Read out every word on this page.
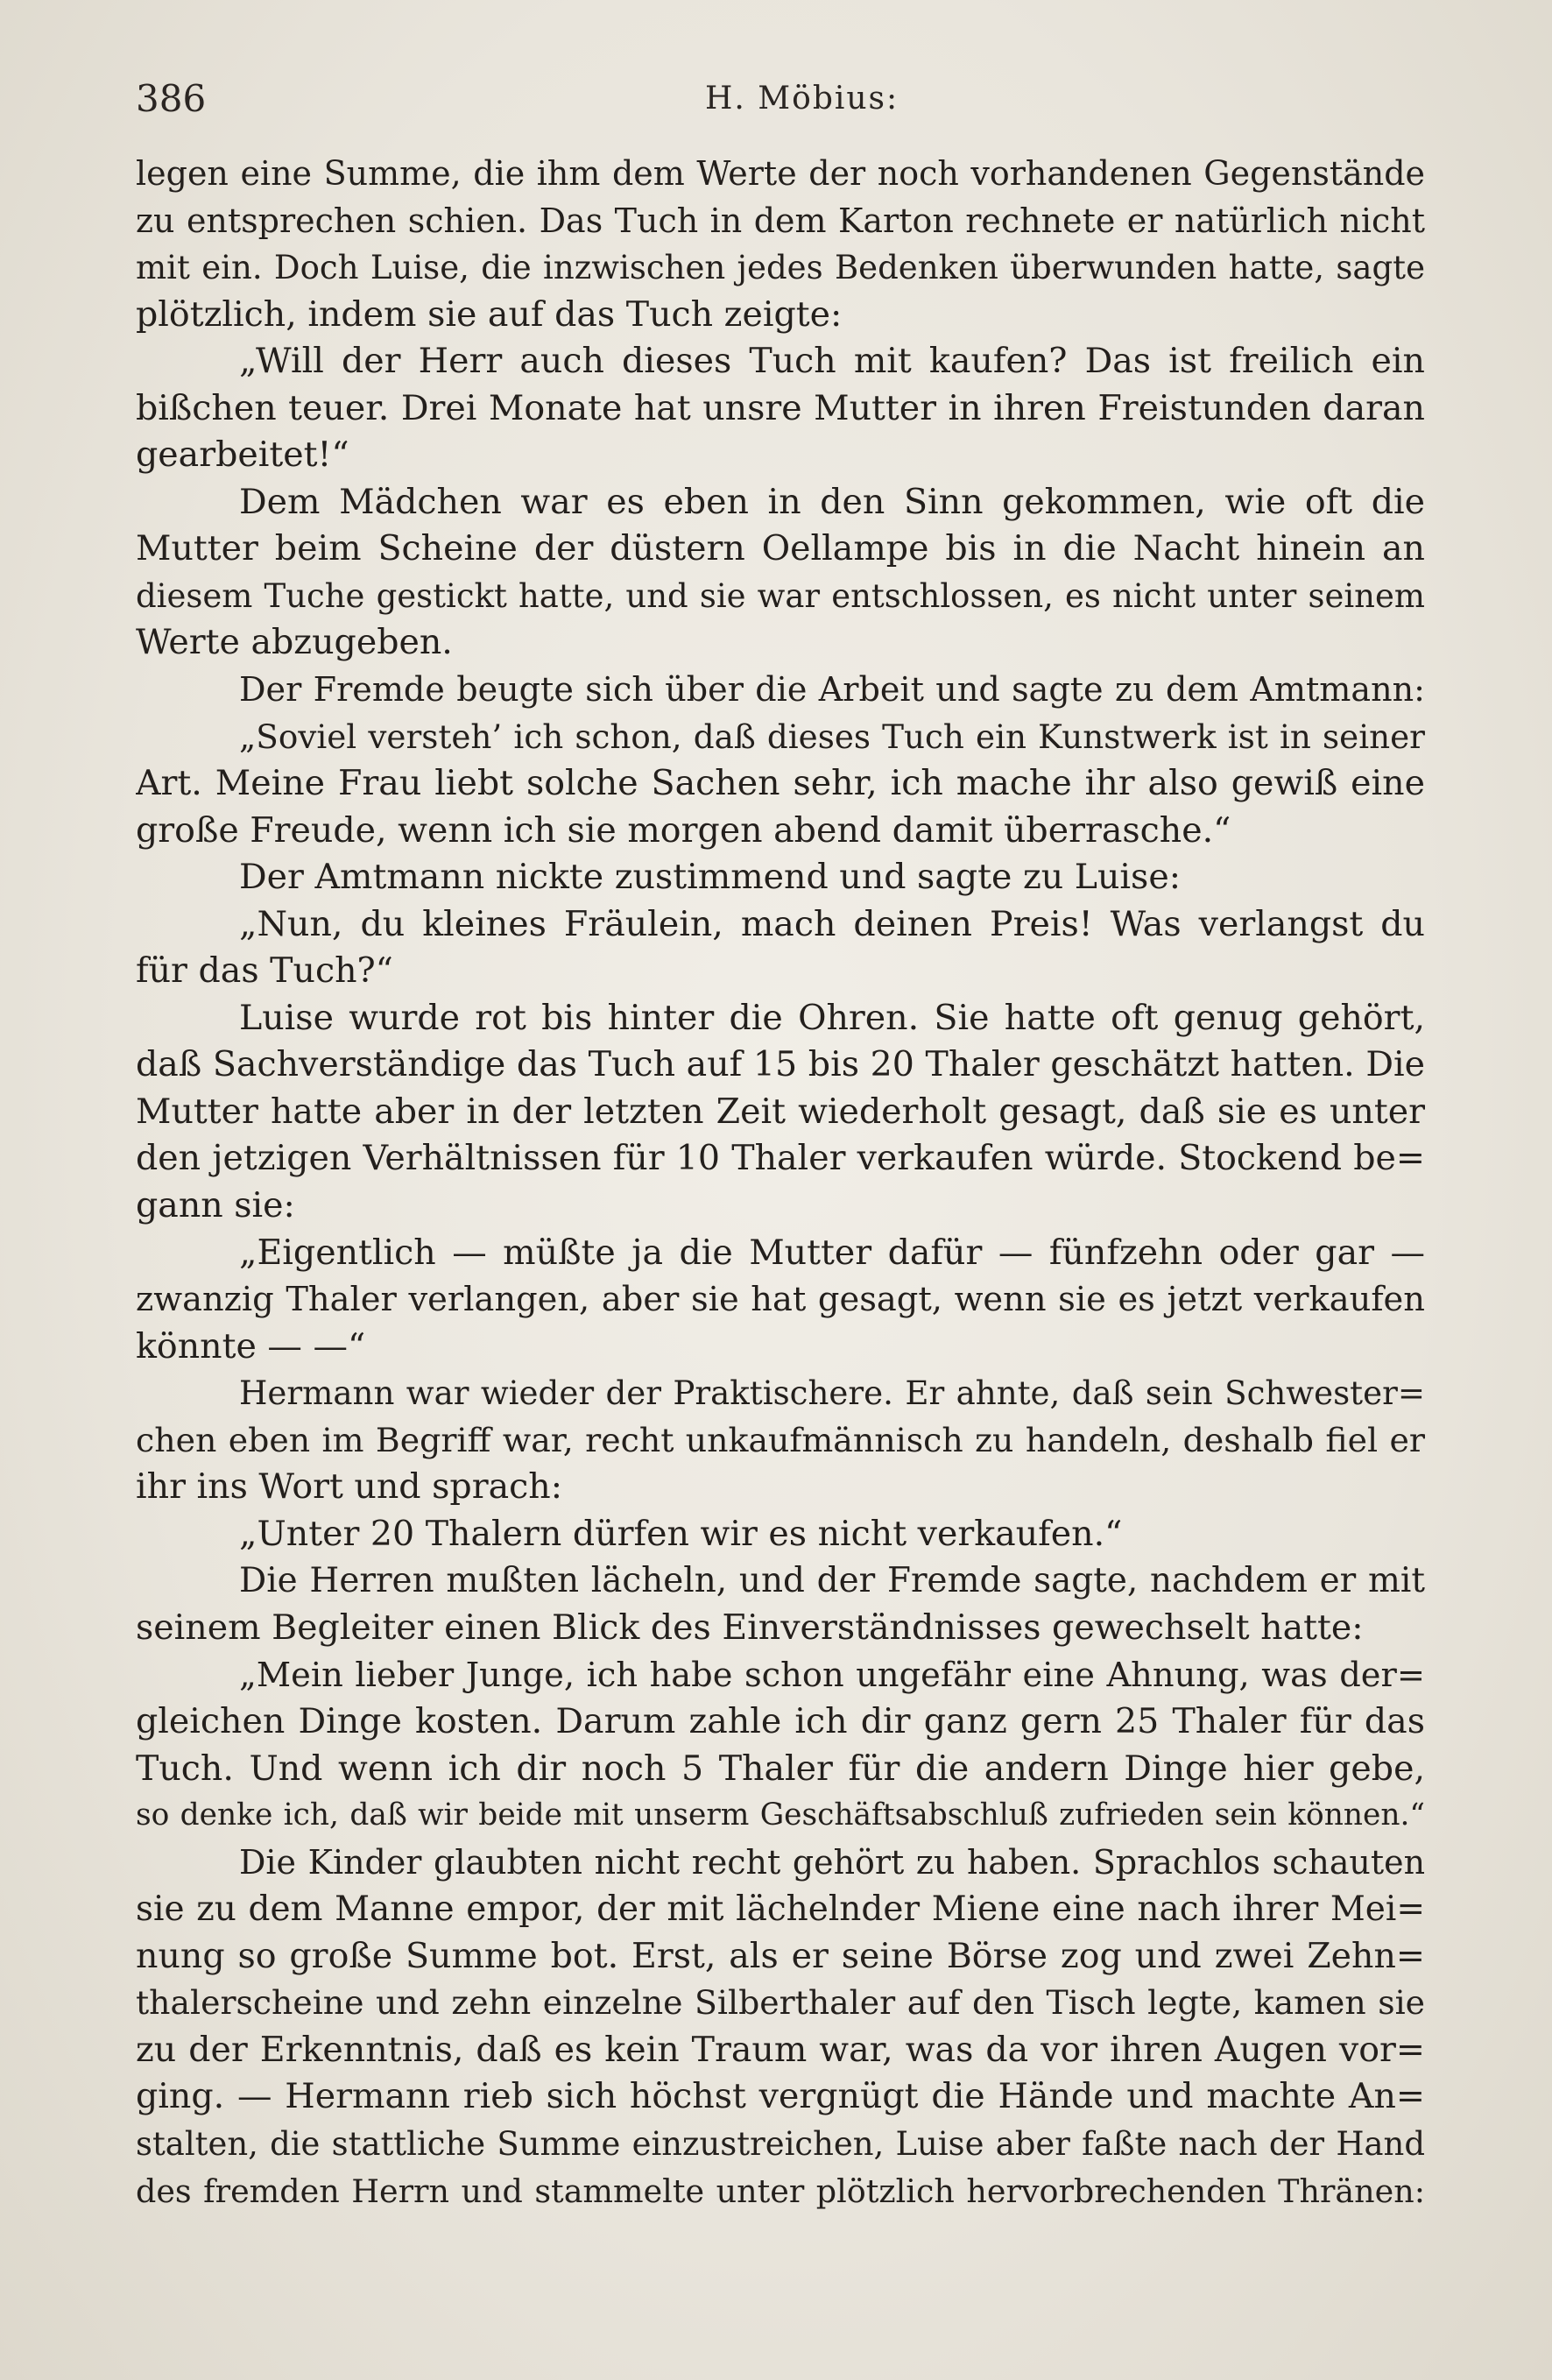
386	H. Möbius:
legen eine Summe, die ihm dem Werte der noch vorhandenen Gegenstände
zu entsprechen schien. Das Tuch in dem Karton rechnete er natürlich nicht
mit ein. Doch Luise, die inzwischen jedes Bedenken überwunden hatte, sagte
plötzlich, indem sie auf das Tuch zeigte:
„Will der Herr auch dieses Tuch mit kaufen? Das ist freilich ein
bißchen teuer. Drei Monate hat unsre Mutter in ihren Freistunden daran
gearbeitet!“
Dem Mädchen war es eben in den Sinn gekommen, wie oft die
Mutter beim Scheine der düstern Oellampe bis in die Nacht hinein an
diesem Tuche gestickt hatte, und sie war entschlossen, es nicht unter seinem
Werte abzugeben.
Der Fremde beugte sich über die Arbeit und sagte zu dem Amtmann:
„Soviel versteh’ ich schon, daß dieses Tuch ein Kunstwerk ist in seiner
Art. Meine Frau liebt solche Sachen sehr, ich mache ihr also gewiß eine
große Freude, wenn ich sie morgen abend damit überrasche.“
Der Amtmann nickte zustimmend und sagte zu Luise:
„Nun, du kleines Fräulein, mach deinen Preis! Was verlangst du
für das Tuch?“
Luise wurde rot bis hinter die Ohren. Sie hatte oft genug gehört,
daß Sachverständige das Tuch auf 15 bis 20 Thaler geschätzt hatten. Die
Mutter hatte aber in der letzten Zeit wiederholt gesagt, daß sie es unter
den jetzigen Verhältnissen für 10 Thaler verkaufen würde. Stockend be=
gann sie:
„Eigentlich — müßte ja die Mutter dafür — fünfzehn oder gar —
zwanzig Thaler verlangen, aber sie hat gesagt, wenn sie es jetzt verkaufen
könnte — —“
Hermann war wieder der Praktischere. Er ahnte, daß sein Schwester=
chen eben im Begriff war, recht unkaufmännisch zu handeln, deshalb fiel er
ihr ins Wort und sprach:
„Unter 20 Thalern dürfen wir es nicht verkaufen.“
Die Herren mußten lächeln, und der Fremde sagte, nachdem er mit
seinem Begleiter einen Blick des Einverständnisses gewechselt hatte:
„Mein lieber Junge, ich habe schon ungefähr eine Ahnung, was der=
gleichen Dinge kosten. Darum zahle ich dir ganz gern 25 Thaler für das
Tuch. Und wenn ich dir noch 5 Thaler für die andern Dinge hier gebe,
so denke ich, daß wir beide mit unserm Geschäftsabschluß zufrieden sein können.“
Die Kinder glaubten nicht recht gehört zu haben. Sprachlos schauten
sie zu dem Manne empor, der mit lächelnder Miene eine nach ihrer Mei=
nung so große Summe bot. Erst, als er seine Börse zog und zwei Zehn=
thalerscheine und zehn einzelne Silberthaler auf den Tisch legte, kamen sie
zu der Erkenntnis, daß es kein Traum war, was da vor ihren Augen vor=
ging. — Hermann rieb sich höchst vergnügt die Hände und machte An=
stalten, die stattliche Summe einzustreichen, Luise aber faßte nach der Hand
des fremden Herrn und stammelte unter plötzlich hervorbrechenden Thränen:
